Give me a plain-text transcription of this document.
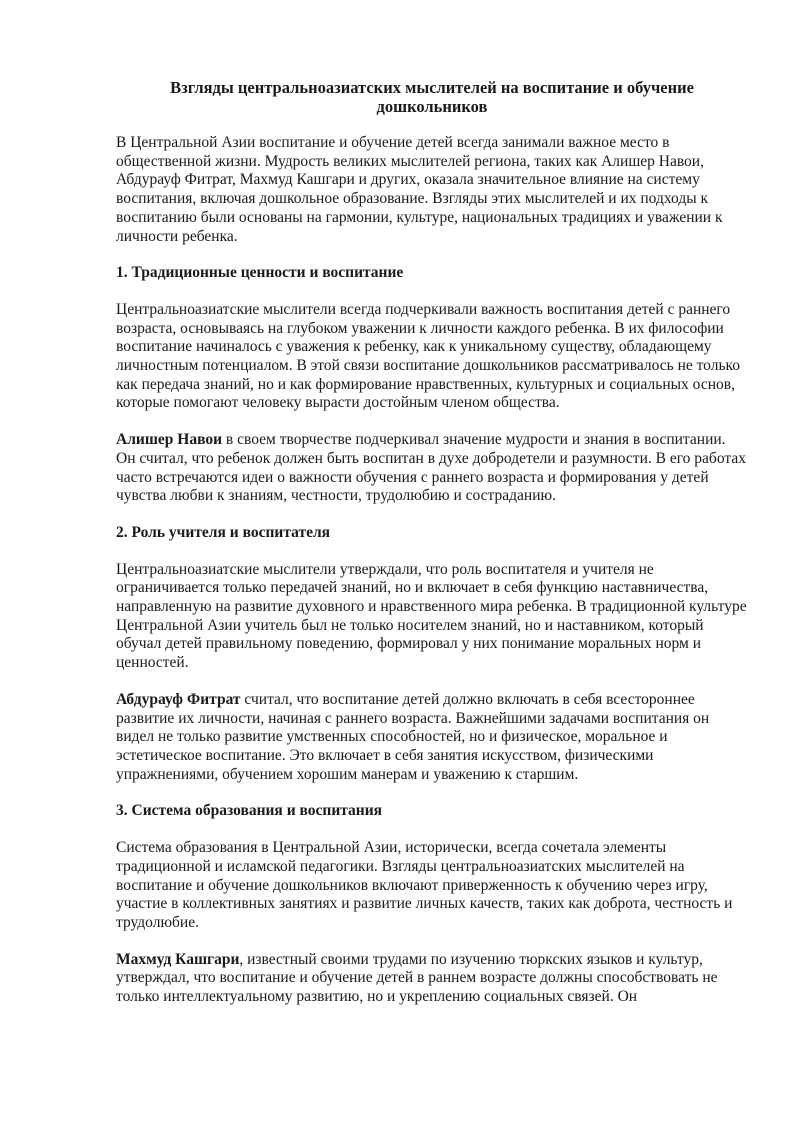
Взгляды центральноазиатских мыслителей на воспитание и обучение дошкольников

В Центральной Азии воспитание и обучение детей всегда занимали важное место в общественной жизни. Мудрость великих мыслителей региона, таких как Алишер Навои, Абдурауф Фитрат, Махмуд Кашгари и других, оказала значительное влияние на систему воспитания, включая дошкольное образование. Взгляды этих мыслителей и их подходы к воспитанию были основаны на гармонии, культуре, национальных традициях и уважении к личности ребенка.

1. Традиционные ценности и воспитание

Центральноазиатские мыслители всегда подчеркивали важность воспитания детей с раннего возраста, основываясь на глубоком уважении к личности каждого ребенка. В их философии воспитание начиналось с уважения к ребенку, как к уникальному существу, обладающему личностным потенциалом. В этой связи воспитание дошкольников рассматривалось не только как передача знаний, но и как формирование нравственных, культурных и социальных основ, которые помогают человеку вырасти достойным членом общества.

Алишер Навои в своем творчестве подчеркивал значение мудрости и знания в воспитании. Он считал, что ребенок должен быть воспитан в духе добродетели и разумности. В его работах часто встречаются идеи о важности обучения с раннего возраста и формирования у детей чувства любви к знаниям, честности, трудолюбию и состраданию.

2. Роль учителя и воспитателя

Центральноазиатские мыслители утверждали, что роль воспитателя и учителя не ограничивается только передачей знаний, но и включает в себя функцию наставничества, направленную на развитие духовного и нравственного мира ребенка. В традиционной культуре Центральной Азии учитель был не только носителем знаний, но и наставником, который обучал детей правильному поведению, формировал у них понимание моральных норм и ценностей.

Абдурауф Фитрат считал, что воспитание детей должно включать в себя всестороннее развитие их личности, начиная с раннего возраста. Важнейшими задачами воспитания он видел не только развитие умственных способностей, но и физическое, моральное и эстетическое воспитание. Это включает в себя занятия искусством, физическими упражнениями, обучением хорошим манерам и уважению к старшим.

3. Система образования и воспитания

Система образования в Центральной Азии, исторически, всегда сочетала элементы традиционной и исламской педагогики. Взгляды центральноазиатских мыслителей на воспитание и обучение дошкольников включают приверженность к обучению через игру, участие в коллективных занятиях и развитие личных качеств, таких как доброта, честность и трудолюбие.

Махмуд Кашгари, известный своими трудами по изучению тюркских языков и культур, утверждал, что воспитание и обучение детей в раннем возрасте должны способствовать не только интеллектуальному развитию, но и укреплению социальных связей. Он
